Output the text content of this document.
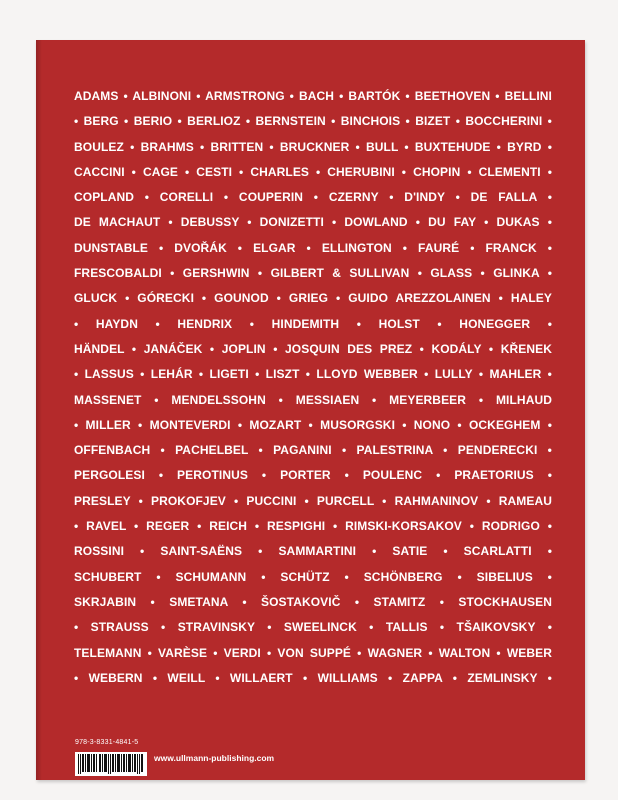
ADAMS • ALBINONI • ARMSTRONG • BACH • BARTÓK • BEETHOVEN • BELLINI
• BERG • BERIO • BERLIOZ • BERNSTEIN • BINCHOIS • BIZET • BOCCHERINI •
BOULEZ • BRAHMS • BRITTEN • BRUCKNER • BULL • BUXTEHUDE • BYRD •
CACCINI • CAGE • CESTI • CHARLES • CHERUBINI • CHOPIN • CLEMENTI •
COPLAND • CORELLI • COUPERIN • CZERNY • D'INDY • DE FALLA •
DE MACHAUT • DEBUSSY • DONIZETTI • DOWLAND • DU FAY • DUKAS •
DUNSTABLE • DVOŘÁK • ELGAR • ELLINGTON • FAURÉ • FRANCK •
FRESCOBALDI • GERSHWIN • GILBERT & SULLIVAN • GLASS • GLINKA •
GLUCK • GÓRECKI • GOUNOD • GRIEG • GUIDO AREZZOLAINEN • HALEY
• HAYDN • HENDRIX • HINDEMITH • HOLST • HONEGGER •
HÄNDEL • JANÁČEK • JOPLIN • JOSQUIN DES PREZ • KODÁLY • KŘENEK
• LASSUS • LEHÁR • LIGETI • LISZT • LLOYD WEBBER • LULLY • MAHLER •
MASSENET • MENDELSSOHN • MESSIAEN • MEYERBEER • MILHAUD
• MILLER • MONTEVERDI • MOZART • MUSORGSKI • NONO • OCKEGHEM •
OFFENBACH • PACHELBEL • PAGANINI • PALESTRINA • PENDERECKI •
PERGOLESI • PEROTINUS • PORTER • POULENC • PRAETORIUS •
PRESLEY • PROKOFJEV • PUCCINI • PURCELL • RAHMANINOV • RAMEAU
• RAVEL • REGER • REICH • RESPIGHI • RIMSKI-KORSAKOV • RODRIGO •
ROSSINI • SAINT-SAËNS • SAMMARTINI • SATIE • SCARLATTI •
SCHUBERT • SCHUMANN • SCHÜTZ • SCHÖNBERG • SIBELIUS •
SKRJABIN • SMETANA • ŠOSTAKOVIČ • STAMITZ • STOCKHAUSEN
• STRAUSS • STRAVINSKY • SWEELINCK • TALLIS • TŠAIKOVSKY •
TELEMANN • VARÈSE • VERDI • VON SUPPÉ • WAGNER • WALTON • WEBER
• WEBERN • WEILL • WILLAERT • WILLIAMS • ZAPPA • ZEMLINSKY •
978-3-8331-4841-5
www.ullmann-publishing.com
